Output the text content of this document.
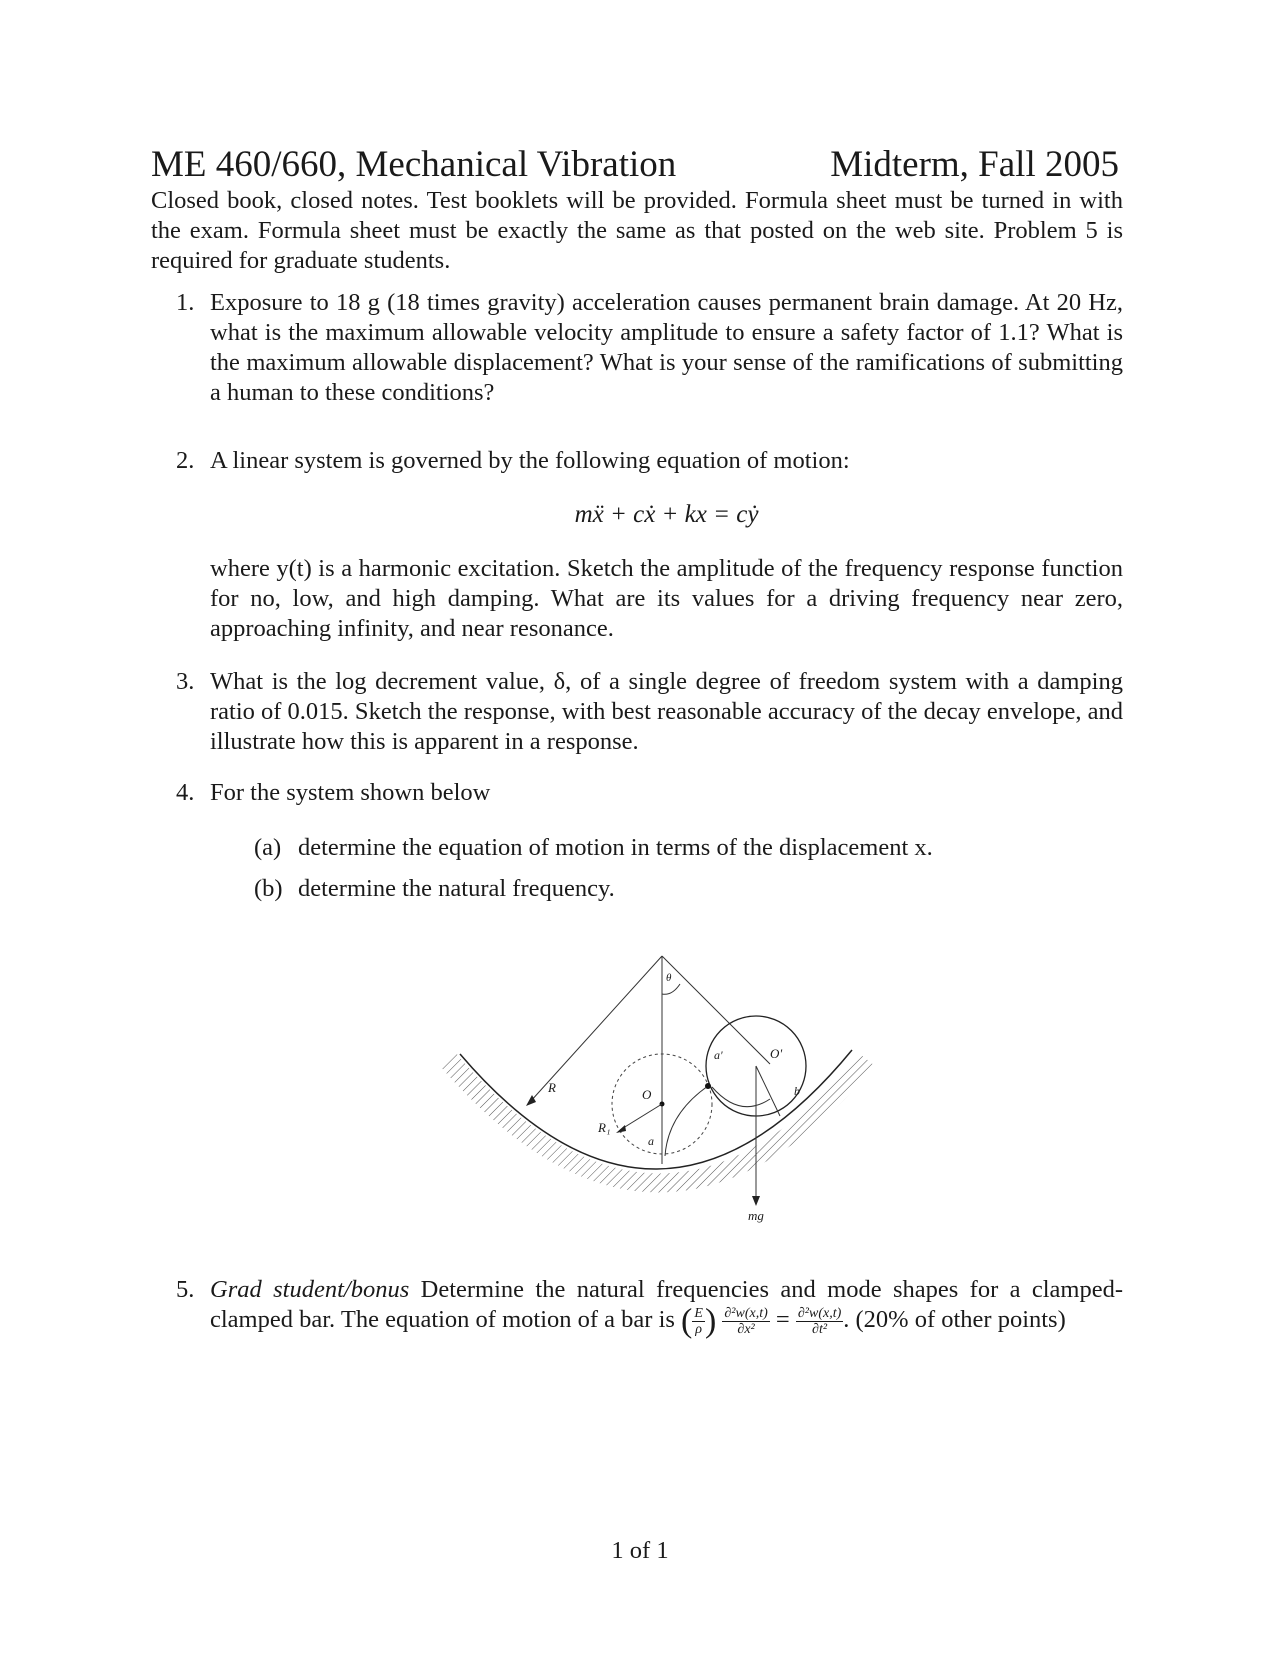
ME 460/660, Mechanical Vibration	Midterm, Fall 2005
Closed book, closed notes. Test booklets will be provided. Formula sheet must be turned in with the exam. Formula sheet must be exactly the same as that posted on the web site. Problem 5 is required for graduate students.
1. Exposure to 18 g (18 times gravity) acceleration causes permanent brain damage. At 20 Hz, what is the maximum allowable velocity amplitude to ensure a safety factor of 1.1? What is the maximum allowable displacement? What is your sense of the ramifications of submitting a human to these conditions?

2. A linear system is governed by the following equation of motion:

mẍ + cẋ + kx = cẏ

where y(t) is a harmonic excitation. Sketch the amplitude of the frequency response function for no, low, and high damping. What are its values for a driving frequency near zero, approaching infinity, and near resonance.

3. What is the log decrement value, δ, of a single degree of freedom system with a damping ratio of 0.015. Sketch the response, with best reasonable accuracy of the decay envelope, and illustrate how this is apparent in a response.

4. For the system shown below

(a) determine the equation of motion in terms of the displacement x.
(b) determine the natural frequency.
θ
a'	O'
R	O
R₁
a
b
mg
5. Grad student/bonus Determine the natural frequencies and mode shapes for a clamped-clamped bar. The equation of motion of a bar is ( $\frac{E}{\rho}$ ) $\frac{\text{∂²w(x,t)}}{\text{∂x²}} = \frac{\text{∂²w(x,t)}}{\text{∂t²}}$ . (20% of other points)

1 of 1
